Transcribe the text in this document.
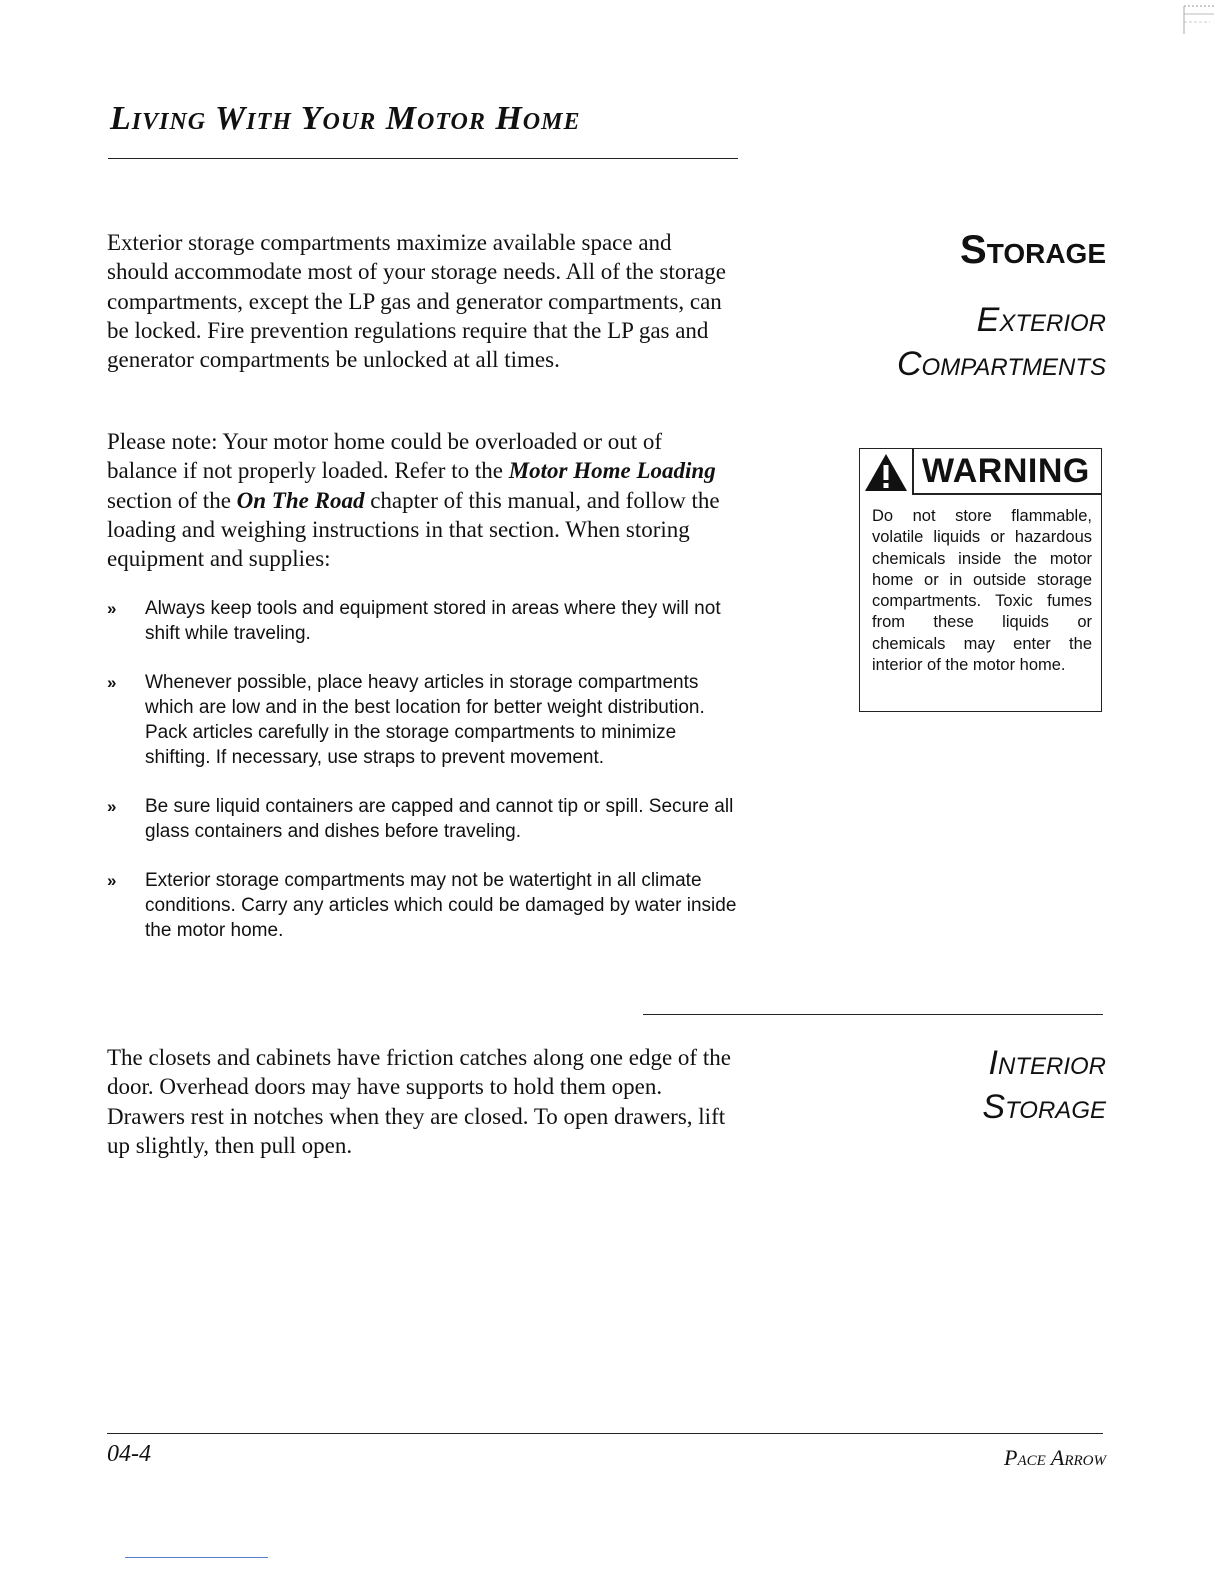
Living With Your Motor Home
Storage
Exterior
Compartments
WARNING

Do not store flammable, volatile liquids or hazardous chemicals inside the motor home or in outside storage compartments. Toxic fumes from these liquids or chemicals may enter the interior of the motor home.

Exterior storage compartments maximize available space and should accommodate most of your storage needs. All of the storage compartments, except the LP gas and generator compartments, can be locked. Fire prevention regulations require that the LP gas and generator compartments be unlocked at all times.

Please note: Your motor home could be overloaded or out of balance if not properly loaded. Refer to the Motor Home Loading section of the On The Road chapter of this manual, and follow the loading and weighing instructions in that section. When storing equipment and supplies:

» Always keep tools and equipment stored in areas where they will not shift while traveling.
» Whenever possible, place heavy articles in storage compartments which are low and in the best location for better weight distribution. Pack articles carefully in the storage compartments to minimize shifting. If necessary, use straps to prevent movement.
» Be sure liquid containers are capped and cannot tip or spill. Secure all glass containers and dishes before traveling.
» Exterior storage compartments may not be watertight in all climate conditions. Carry any articles which could be damaged by water inside the motor home.
Interior
Storage

The closets and cabinets have friction catches along one edge of the door. Overhead doors may have supports to hold them open. Drawers rest in notches when they are closed. To open drawers, lift up slightly, then pull open.

04-4	Pace Arrow
